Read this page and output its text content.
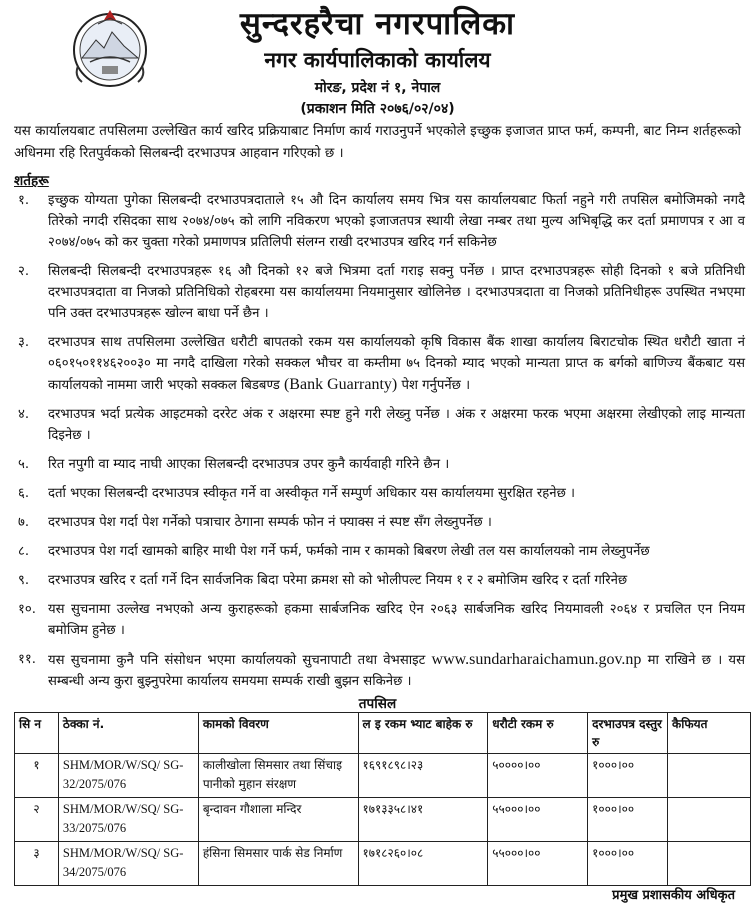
सुन्दरहरैचा नगरपालिका
नगर कार्यपालिकाको कार्यालय
मोरङ, प्रदेश नं १, नेपाल
(प्रकाशन मिति २०७६/०२/०४)
यस कार्यालयबाट तपसिलमा उल्लेखित कार्य खरिद प्रक्रियाबाट निर्माण कार्य गराउनुपर्ने भएकोले इच्छुक इजाजत प्राप्त फर्म, कम्पनी, बाट निम्न शर्तहरूको अधिनमा रहि रितपुर्वकको सिलबन्दी दरभाउपत्र आहवान गरिएको छ ।
शर्तहरू
१.	इच्छुक योग्यता पुगेका सिलबन्दी दरभाउपत्रदाताले १५ औ दिन कार्यालय समय भित्र यस कार्यालयबाट फिर्ता नहुने गरी तपसिल बमोजिमको नगदै तिरेको नगदी रसिदका साथ २०७४/०७५ को लागि नविकरण भएको इजाजतपत्र स्थायी लेखा नम्बर तथा मुल्य अभिबृद्धि कर दर्ता प्रमाणपत्र र आ व २०७४/०७५ को कर चुक्ता गरेको प्रमाणपत्र प्रतिलिपी संलग्न राखी दरभाउपत्र खरिद गर्न सकिनेछ
२.	सिलबन्दी सिलबन्दी दरभाउपत्रहरू १६ औ दिनको १२ बजे भित्रमा दर्ता गराइ सक्नु पर्नेछ । प्राप्त दरभाउपत्रहरू सोही दिनको १ बजे प्रतिनिधी दरभाउपत्रदाता वा निजको प्रतिनिधिको रोहबरमा यस कार्यालयमा नियमानुसार खोलिनेछ । दरभाउपत्रदाता वा निजको प्रतिनिधीहरू उपस्थित नभएमा पनि उक्त दरभाउपत्रहरू खोल्न बाधा पर्ने छैन ।
३.	दरभाउपत्र साथ तपसिलमा उल्लेखित धरौटी बापतको रकम यस कार्यालयको कृषि विकास बैंक शाखा कार्यालय बिराटचोक स्थित धरौटी खाता नं ०६०१५०११४६२००३० मा नगदै दाखिला गरेको सक्कल भौचर वा कम्तीमा ७५ दिनको म्याद भएको मान्यता प्राप्त क बर्गको बाणिज्य बैंकबाट यस कार्यालयको नाममा जारी भएको सक्कल बिडबण्ड (Bank Guarranty) पेश गर्नुपर्नेछ ।
४.	दरभाउपत्र भर्दा प्रत्येक आइटमको दररेट अंक र अक्षरमा स्पष्ट हुने गरी लेख्नु पर्नेछ । अंक र अक्षरमा फरक भएमा अक्षरमा लेखीएको लाइ मान्यता दिइनेछ ।
५.	रित नपुगी वा म्याद नाघी आएका सिलबन्दी दरभाउपत्र उपर कुनै कार्यवाही गरिने छैन ।
६.	दर्ता भएका सिलबन्दी दरभाउपत्र स्वीकृत गर्ने वा अस्वीकृत गर्ने सम्पुर्ण अधिकार यस कार्यालयमा सुरक्षित रहनेछ ।
७.	दरभाउपत्र पेश गर्दा पेश गर्नेको पत्राचार ठेगाना सम्पर्क फोन नं फ्याक्स नं स्पष्ट सँग लेख्नुपर्नेछ ।
८.	दरभाउपत्र पेश गर्दा खामको बाहिर माथी पेश गर्ने फर्म, फर्मको नाम र कामको बिबरण लेखी तल यस कार्यालयको नाम लेख्नुपर्नेछ
९.	दरभाउपत्र खरिद र दर्ता गर्ने दिन सार्वजनिक बिदा परेमा क्रमश सो को भोलीपल्ट नियम १ र २ बमोजिम खरिद र दर्ता गरिनेछ
१०. यस सुचनामा उल्लेख नभएको अन्य कुराहरूको हकमा सार्बजनिक खरिद ऐन २०६३ सार्बजनिक खरिद नियमावली २०६४ र प्रचलित एन नियम बमोजिम हुनेछ ।
११. यस सुचनामा कुनै पनि संसोधन भएमा कार्यालयको सुचनापाटी तथा वेभसाइट www.sundarharaichamun.gov.np मा राखिने छ । यस सम्बन्धी अन्य कुरा बुझ्नुपरेमा कार्यालय समयमा सम्पर्क राखी बुझन सकिनेछ ।
तपसिल
सि न	ठेक्का नं.	कामको विवरण	ल इ रकम भ्याट बाहेक रु	धरौटी रकम रु	दरभाउपत्र दस्तुर रु	कैफियत
१	SHM/MOR/W/SQ/ SG-32/2075/076	कालीखोला सिमसार तथा सिंचाइ पानीको मुहान संरक्षण	१६९१८९८।२३	५००००।००	१०००।००	
२	SHM/MOR/W/SQ/ SG-33/2075/076	बृन्दावन गौशाला मन्दिर	१७१३३५८।४१	५५०००।००	१०००।००	
३	SHM/MOR/W/SQ/ SG-34/2075/076	हंसिना सिमसार पार्क सेड निर्माण	१७१८२६०।०८	५५०००।००	१०००।००	
प्रमुख प्रशासकीय अधिकृत
